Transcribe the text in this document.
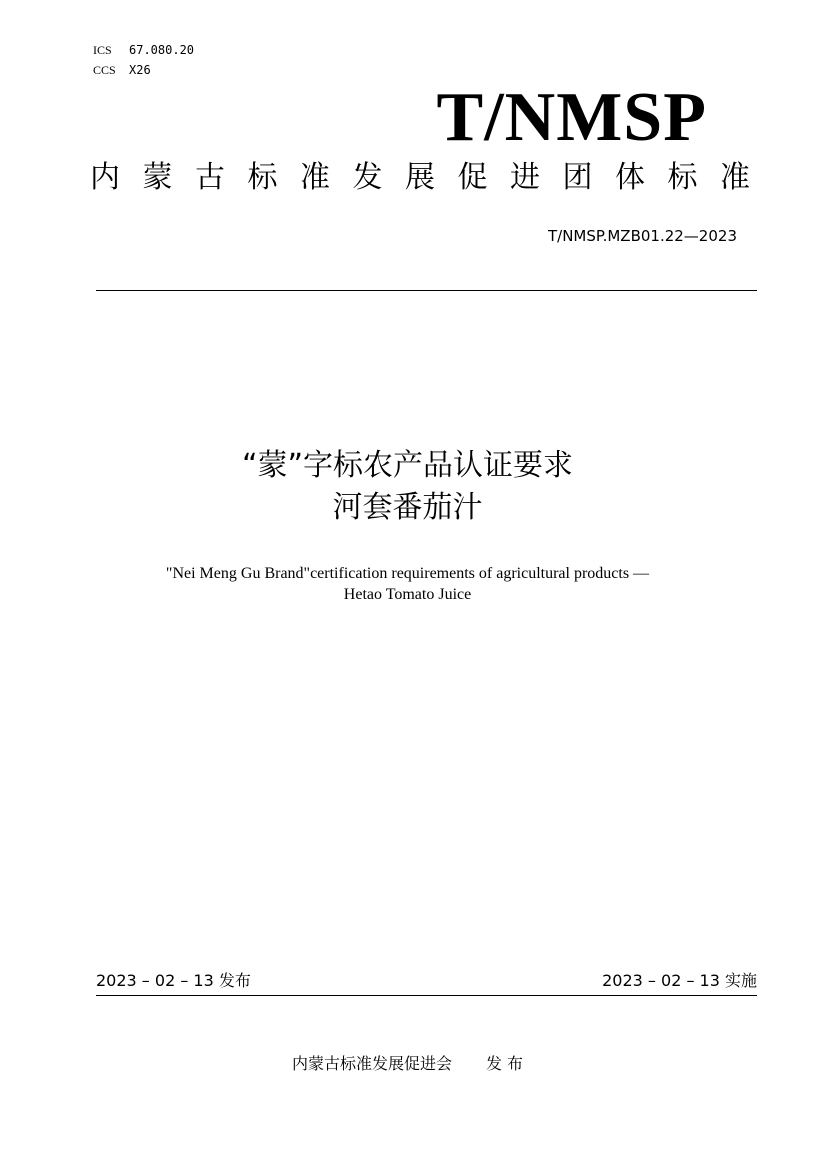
ICS 67.080.20
CCS X26
T/NMSP
内 蒙 古 标 准 发 展 促 进 团 体 标 准
T/NMSP.MZB01.22—2023
“蒙”字标农产品认证要求
河套番茄汁
"Nei Meng Gu Brand"certification requirements of agricultural products —
Hetao Tomato Juice
2023 – 02 – 13 发布	2023 – 02 – 13 实施
内蒙古标准发展促进会 发 布
